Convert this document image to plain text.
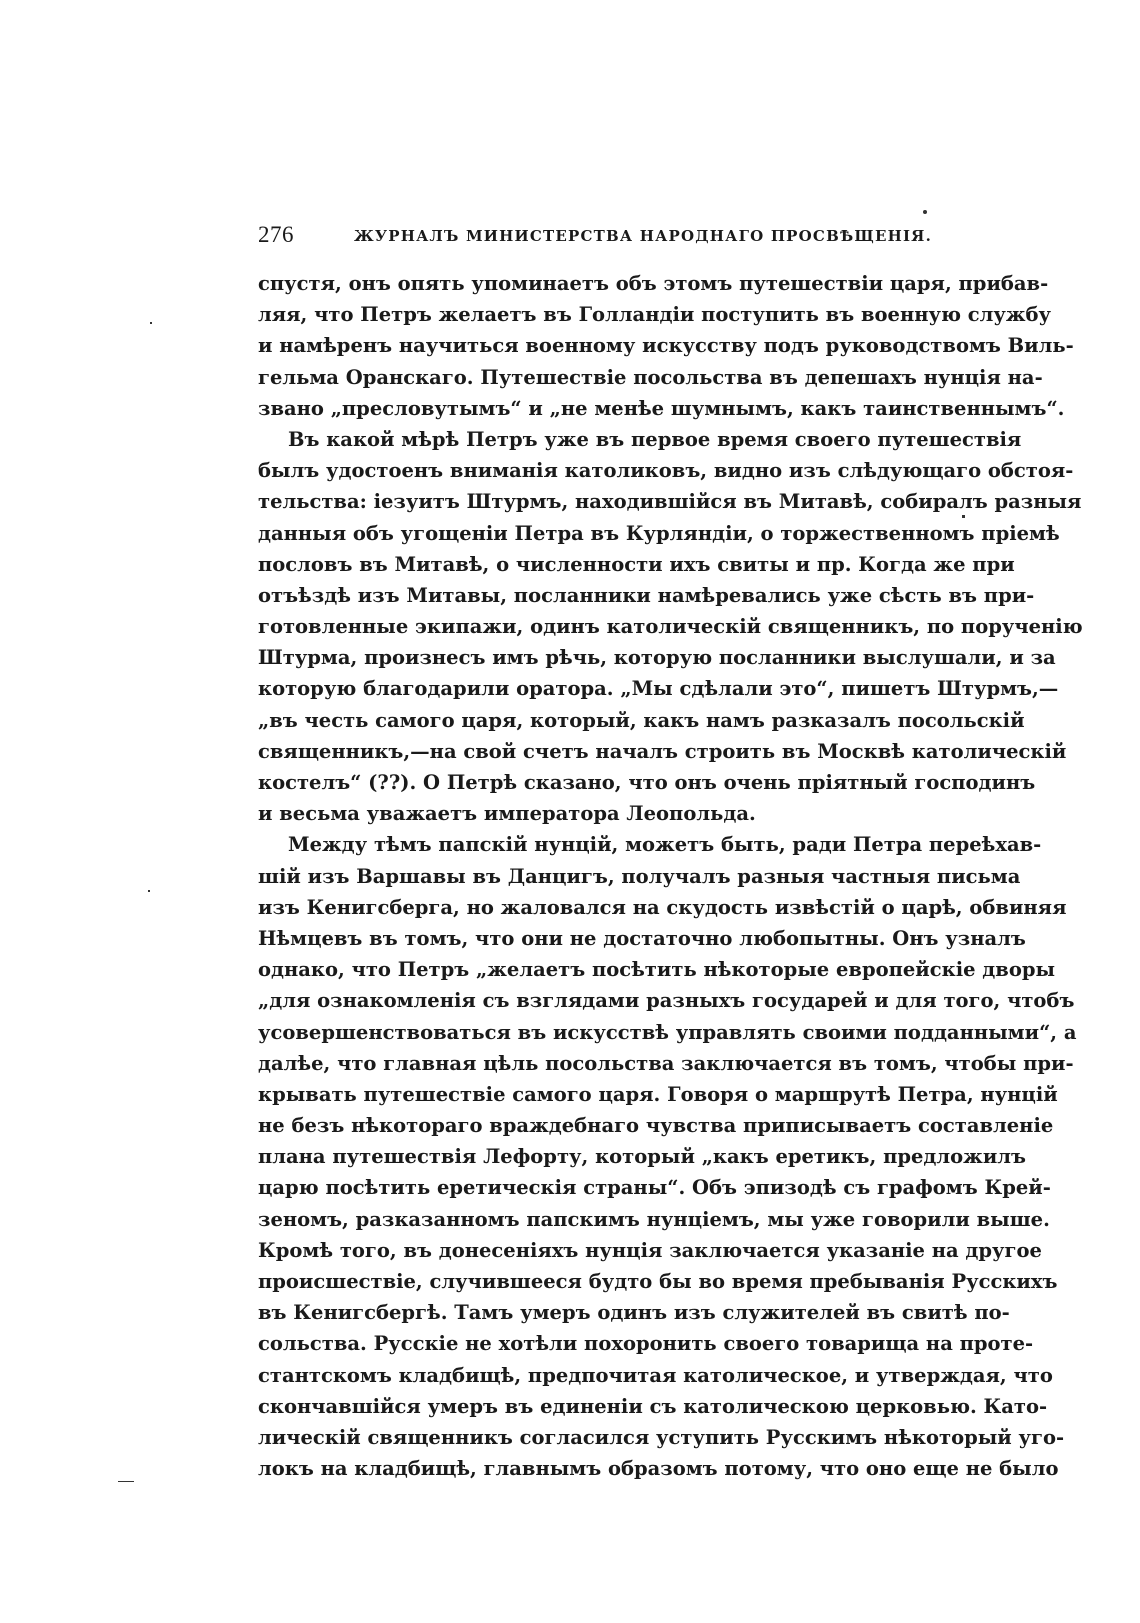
276	ЖУРНАЛЪ МИНИСТЕРСТВА НАРОДНАГО ПРОСВѢЩЕНІЯ.
спустя, онъ опять упоминаетъ объ этомъ путешествіи царя, прибав-
ляя, что Петръ желаетъ въ Голландіи поступить въ военную службу
и намѣренъ научиться военному искусству подъ руководствомъ Виль-
гельма Оранскаго. Путешествіе посольства въ депешахъ нунція на-
звано „пресловутымъ“ и „не менѣе шумнымъ, какъ таинственнымъ“.
Въ какой мѣрѣ Петръ уже въ первое время своего путешествія
былъ удостоенъ вниманія католиковъ, видно изъ слѣдующаго обстоя-
тельства: іезуитъ Штурмъ, находившійся въ Митавѣ, собиралъ разныя
данныя объ угощеніи Петра въ Курляндіи, о торжественномъ пріемѣ
пословъ въ Митавѣ, о численности ихъ свиты и пр. Когда же при
отъѣздѣ изъ Митавы, посланники намѣревались уже сѣсть въ при-
готовленные экипажи, одинъ католическій священникъ, по порученію
Штурма, произнесъ имъ рѣчь, которую посланники выслушали, и за
которую благодарили оратора. „Мы сдѣлали это“, пишетъ Штурмъ,—
„въ честь самого царя, который, какъ намъ разказалъ посольскій
священникъ,—на свой счетъ началъ строить въ Москвѣ католическій
костелъ“ (??). О Петрѣ сказано, что онъ очень пріятный господинъ
и весьма уважаетъ императора Леопольда.
Между тѣмъ папскій нунцій, можетъ быть, ради Петра переѣхав-
шій изъ Варшавы въ Данцигъ, получалъ разныя частныя письма
изъ Кенигсберга, но жаловался на скудость извѣстій о царѣ, обвиняя
Нѣмцевъ въ томъ, что они не достаточно любопытны. Онъ узналъ
однако, что Петръ „желаетъ посѣтить нѣкоторые европейскіе дворы
„для ознакомленія съ взглядами разныхъ государей и для того, чтобъ
усовершенствоваться въ искусствѣ управлять своими подданными“, а
далѣе, что главная цѣль посольства заключается въ томъ, чтобы при-
крывать путешествіе самого царя. Говоря о маршрутѣ Петра, нунцій
не безъ нѣкотораго враждебнаго чувства приписываетъ составленіе
плана путешествія Лефорту, который „какъ еретикъ, предложилъ
царю посѣтить еретическія страны“. Объ эпизодѣ съ графомъ Крей-
зеномъ, разказанномъ папскимъ нунціемъ, мы уже говорили выше.
Кромѣ того, въ донесеніяхъ нунція заключается указаніе на другое
происшествіе, случившееся будто бы во время пребыванія Русскихъ
въ Кенигсбергѣ. Тамъ умеръ одинъ изъ служителей въ свитѣ по-
сольства. Русскіе не хотѣли похоронить своего товарища на проте-
стантскомъ кладбищѣ, предпочитая католическое, и утверждая, что
скончавшійся умеръ въ единеніи съ католическою церковью. Като-
лическій священникъ согласился уступить Русскимъ нѣкоторый уго-
локъ на кладбищѣ, главнымъ образомъ потому, что оно еще не было
